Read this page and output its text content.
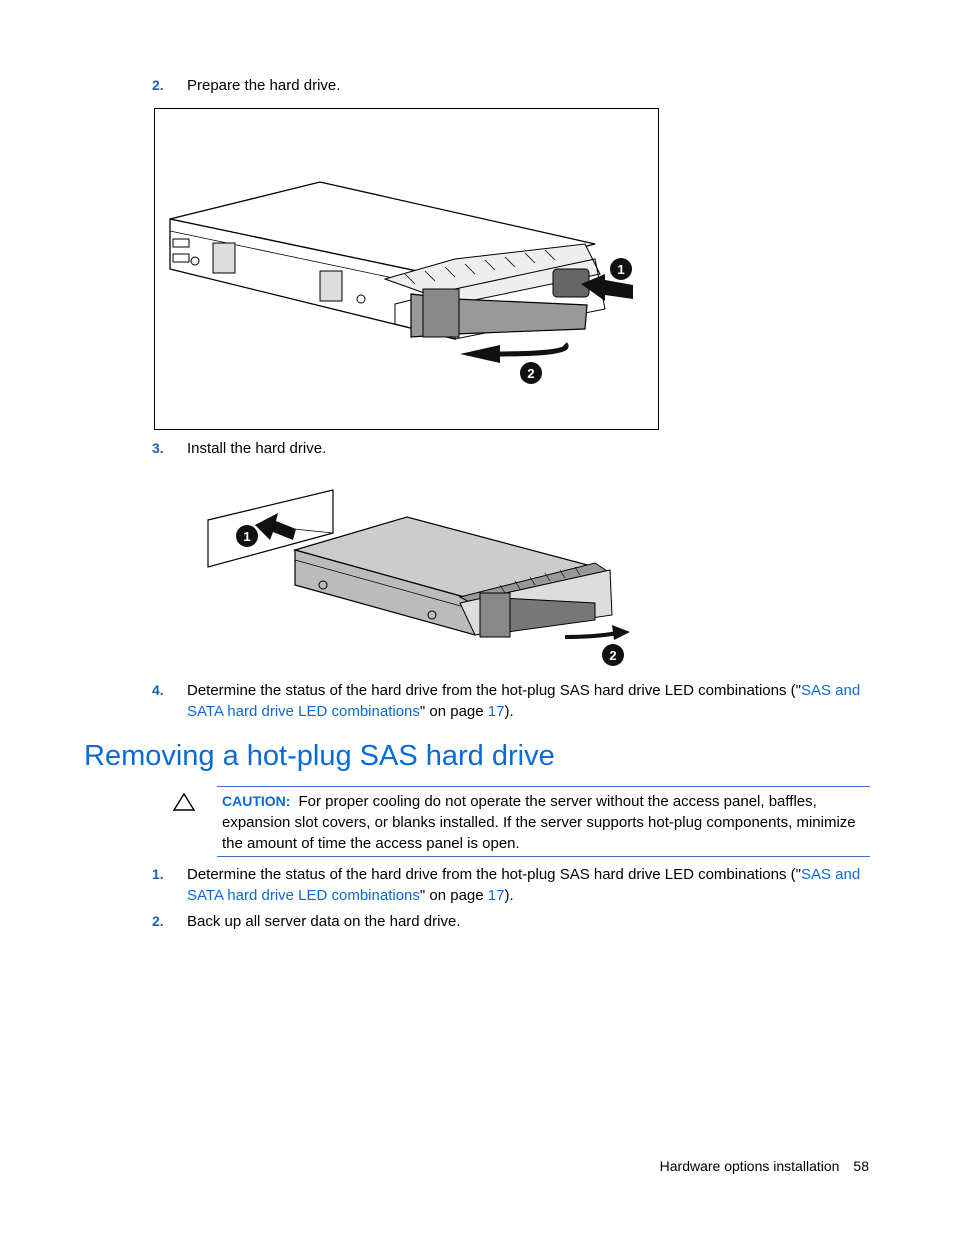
2. Prepare the hard drive.
1
2
3. Install the hard drive.
1
2
4. Determine the status of the hard drive from the hot-plug SAS hard drive LED combinations ("SAS and
SATA hard drive LED combinations" on page 17).
Removing a hot-plug SAS hard drive
CAUTION: For proper cooling do not operate the server without the access panel, baffles, expansion slot covers, or blanks installed. If the server supports hot-plug components, minimize the amount of time the access panel is open.
1. Determine the status of the hard drive from the hot-plug SAS hard drive LED combinations ("SAS and
SATA hard drive LED combinations" on page 17).
2. Back up all server data on the hard drive.
Hardware options installation 58
